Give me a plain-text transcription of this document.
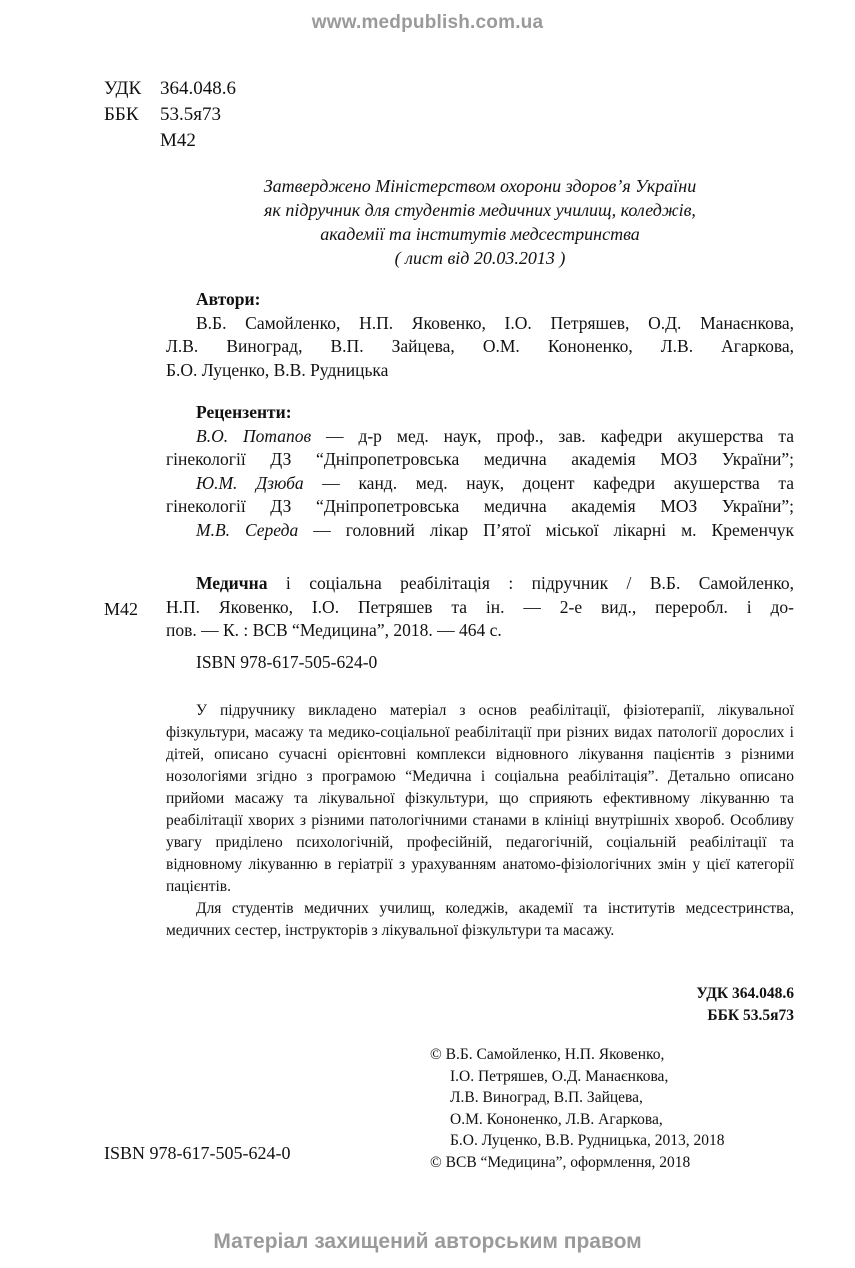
www.medpublish.com.ua
УДК 364.048.6
ББК 53.5я73
М42
Затверджено Міністерством охорони здоров’я України
як підручник для студентів медичних училищ, коледжів,
академії та інститутів медсестринства
( лист від 20.03.2013 )
Автори:
В.Б. Самойленко, Н.П. Яковенко, І.О. Петряшев, О.Д. Манаєнкова,
Л.В. Виноград, В.П. Зайцева, О.М. Кононенко, Л.В. Агаркова,
Б.О. Луценко, В.В. Рудницька
Рецензенти:
В.О. Потапов — д-р мед. наук, проф., зав. кафедри акушерства та
гінекології ДЗ “Дніпропетровська медична академія МОЗ України”;
Ю.М. Дзюба — канд. мед. наук, доцент кафедри акушерства та
гінекології ДЗ “Дніпропетровська медична академія МОЗ України”;
М.В. Середа — головний лікар П’ятої міської лікарні м. Кременчук
М42
Медична і соціальна реабілітація : підручник / В.Б. Самойленко,
Н.П. Яковенко, І.О. Петряшев та ін. — 2-е вид., переробл. і до-
пов. — К. : ВСВ “Медицина”, 2018. — 464 с.
ISBN 978-617-505-624-0

У підручнику викладено матеріал з основ реабілітації, фізіотерапії, лікувальної фізкультури, масажу та медико-соціальної реабілітації при різних видах патології дорослих і дітей, описано сучасні орієнтовні комплекси відновного лікування пацієнтів з різними нозологіями згідно з програмою “Медична і соціальна реабілітація”. Детально описано прийоми масажу та лікувальної фізкультури, що сприяють ефективному лікуванню та реабілітації хворих з різними патологічними станами в клініці внутрішніх хвороб. Особливу увагу приділено психологічній, професійній, педагогічній, соціальній реабілітації та відновному лікуванню в геріатрії з урахуванням анатомо-фізіологічних змін у цієї категорії пацієнтів.

Для студентів медичних училищ, коледжів, академії та інститутів медсестринства, медичних сестер, інструкторів з лікувальної фізкультури та масажу.

УДК 364.048.6
ББК 53.5я73
ISBN 978-617-505-624-0
© В.Б. Самойленко, Н.П. Яковенко,
І.О. Петряшев, О.Д. Манаєнкова,
Л.В. Виноград, В.П. Зайцева,
О.М. Кононенко, Л.В. Агаркова,
Б.О. Луценко, В.В. Рудницька, 2013, 2018
© ВСВ “Медицина”, оформлення, 2018
Матеріал захищений авторським правом
